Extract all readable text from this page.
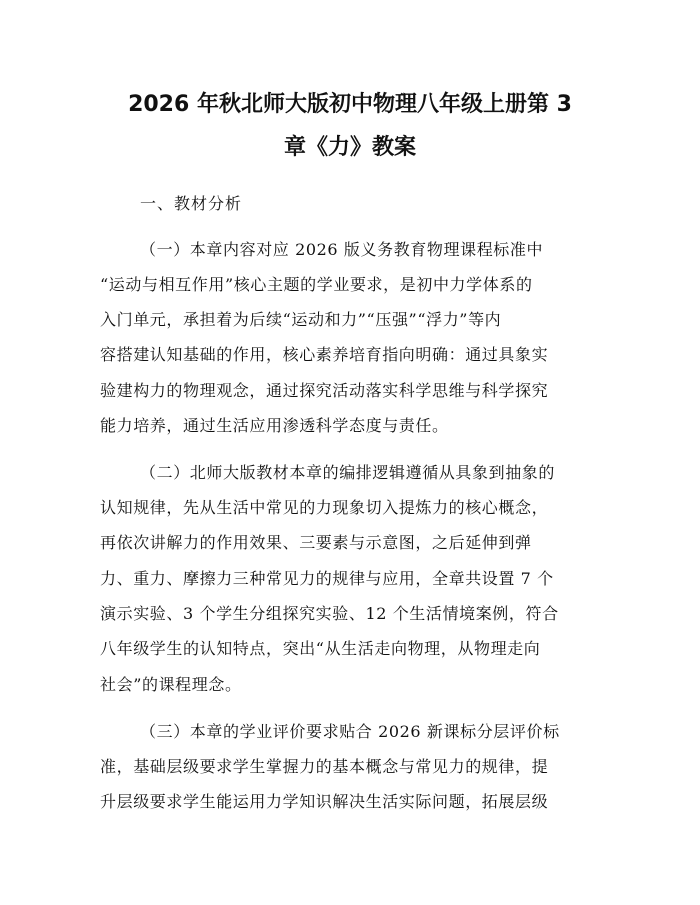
2026 年秋北师大版初中物理八年级上册第 3
章《力》教案

一、教材分析

（一）本章内容对应 2026 版义务教育物理课程标准中

“运动与相互作用”核心主题的学业要求，是初中力学体系的

入门单元，承担着为后续“运动和力”“压强”“浮力”等内

容搭建认知基础的作用，核心素养培育指向明确：通过具象实

验建构力的物理观念，通过探究活动落实科学思维与科学探究

能力培养，通过生活应用渗透科学态度与责任。

（二）北师大版教材本章的编排逻辑遵循从具象到抽象的

认知规律，先从生活中常见的力现象切入提炼力的核心概念，

再依次讲解力的作用效果、三要素与示意图，之后延伸到弹

力、重力、摩擦力三种常见力的规律与应用，全章共设置 7 个

演示实验、3 个学生分组探究实验、12 个生活情境案例，符合

八年级学生的认知特点，突出“从生活走向物理，从物理走向

社会”的课程理念。

（三）本章的学业评价要求贴合 2026 新课标分层评价标

准，基础层级要求学生掌握力的基本概念与常见力的规律，提

升层级要求学生能运用力学知识解决生活实际问题，拓展层级
